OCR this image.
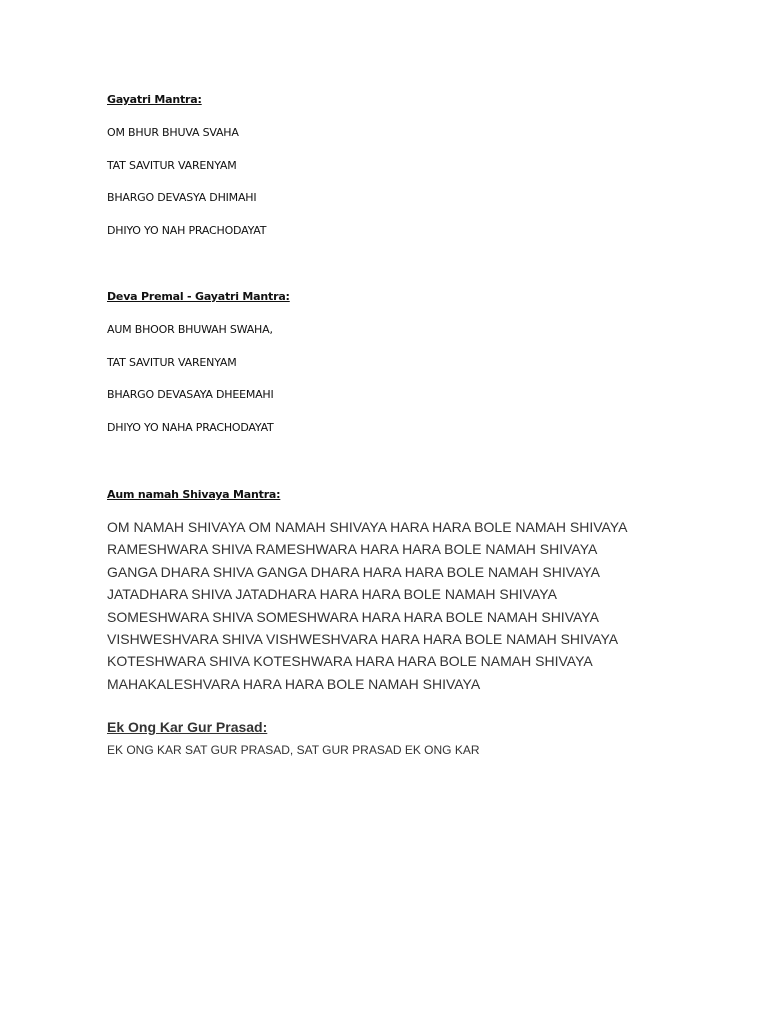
Gayatri Mantra:
OM BHUR BHUVA SVAHA
TAT SAVITUR VARENYAM
BHARGO DEVASYA DHIMAHI
DHIYO YO NAH PRACHODAYAT
Deva Premal - Gayatri Mantra:
AUM BHOOR BHUWAH SWAHA,
TAT SAVITUR VARENYAM
BHARGO DEVASAYA DHEEMAHI
DHIYO YO NAHA PRACHODAYAT
Aum namah Shivaya Mantra:
OM NAMAH SHIVAYA OM NAMAH SHIVAYA HARA HARA BOLE NAMAH SHIVAYA
RAMESHWARA SHIVA RAMESHWARA HARA HARA BOLE NAMAH SHIVAYA
GANGA DHARA SHIVA GANGA DHARA HARA HARA BOLE NAMAH SHIVAYA
JATADHARA SHIVA JATADHARA HARA HARA BOLE NAMAH SHIVAYA
SOMESHWARA SHIVA SOMESHWARA HARA HARA BOLE NAMAH SHIVAYA
VISHWESHVARA SHIVA VISHWESHVARA HARA HARA BOLE NAMAH SHIVAYA
KOTESHWARA SHIVA KOTESHWARA HARA HARA BOLE NAMAH SHIVAYA
MAHAKALESHVARA HARA HARA BOLE NAMAH SHIVAYA
Ek Ong Kar Gur Prasad:
EK ONG KAR SAT GUR PRASAD, SAT GUR PRASAD EK ONG KAR
